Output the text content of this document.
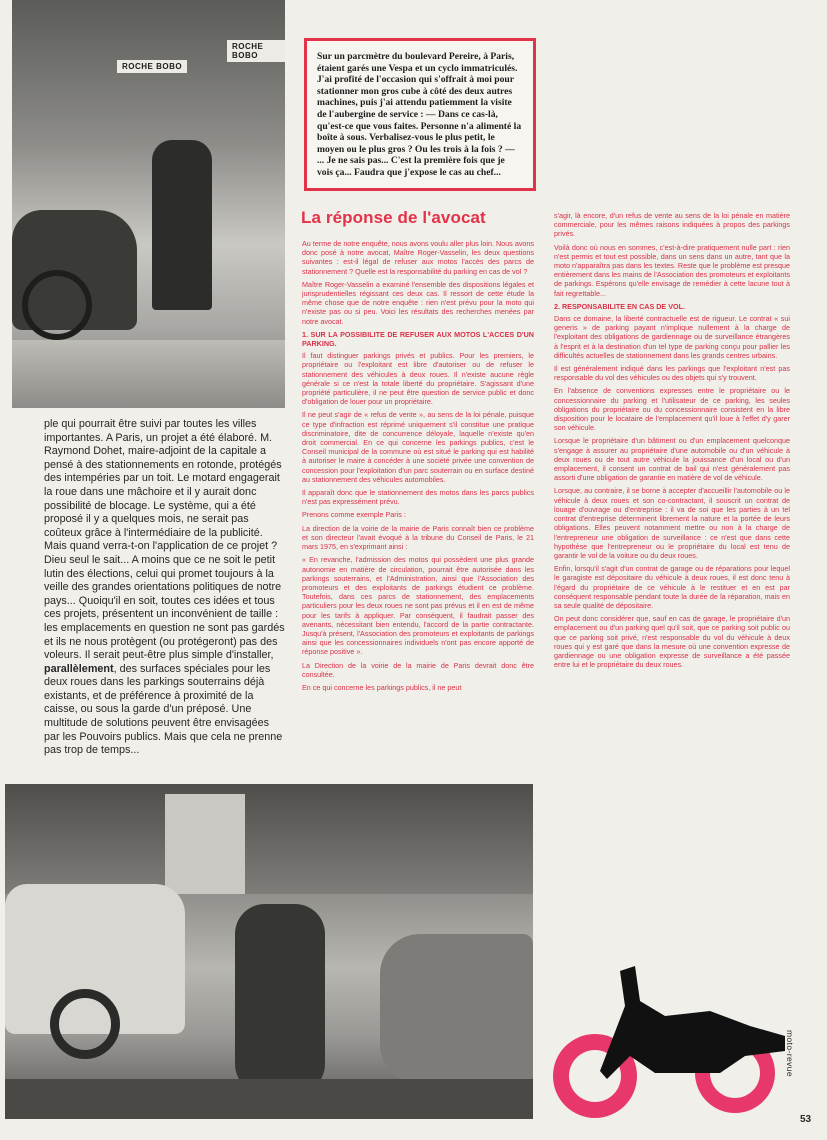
ROCHE BOBO
ROCHE BOBO	Sur un parcmètre du boulevard Pereire, à Paris, étaient garés une Vespa et un cyclo immatriculés. J'ai profité de l'occasion qui s'offrait à moi pour stationner mon gros cube à côté des deux autres machines, puis j'ai attendu patiemment la visite de l'aubergine de service : — Dans ce cas-là, qu'est-ce que vous faites. Personne n'a alimenté la boîte à sous. Verbalisez-vous le plus petit, le moyen ou le plus gros ? Ou les trois à la fois ? — ... Je ne sais pas... C'est la première fois que je vois ça... Faudra que j'expose le cas au chef...

La réponse de l'avocat

Au terme de notre enquête, nous avons voulu aller plus loin. Nous avons donc posé à notre avocat, Maître Roger-Vasselin, les deux questions suivantes : est-il légal de refuser aux motos l'accès des parcs de stationnement ? Quelle est la responsabilité du parking en cas de vol ?

Maître Roger-Vasselin a examiné l'ensemble des dispositions légales et jurisprudentielles régissant ces deux cas. Il ressort de cette étude la même chose que de notre enquête : rien n'est prévu pour la moto qui n'existe pas ou si peu. Voici les résultats des recherches menées par notre avocat.

1. SUR LA POSSIBILITE DE REFUSER AUX MOTOS L'ACCES D'UN PARKING.

Il faut distinguer parkings privés et publics. Pour les premiers, le propriétaire ou l'exploitant est libre d'autoriser ou de refuser le stationnement des véhicules à deux roues. Il n'existe aucune règle générale si ce n'est la totale liberté du propriétaire. S'agissant d'une propriété particulière, il ne peut être question de service public et donc d'obligation de louer pour un propriétaire.

Il ne peut s'agir de « refus de vente », au sens de la loi pénale, puisque ce type d'infraction est réprimé uniquement s'il constitue une pratique discriminatoire, dite de concurrence déloyale, laquelle n'existe qu'en droit commercial. En ce qui concerne les parkings publics, c'est le Conseil municipal de la commune où est situé le parking qui est habilité à autoriser le maire à concéder à une société privée une convention de concession pour l'exploitation d'un parc souterrain ou en surface destiné au stationnement des véhicules automobiles.

Il apparaît donc que le stationnement des motos dans les parcs publics n'est pas expressément prévu.

Prenons comme exemple Paris :

La direction de la voirie de la mairie de Paris connaît bien ce problème et son directeur l'avait évoqué à la tribune du Conseil de Paris, le 21 mars 1975, en s'exprimant ainsi :

« En revanche, l'admission des motos qui possèdent une plus grande autonomie en matière de circulation, pourrait être autorisée dans les parkings souterrains, et l'Administration, ainsi que l'Association des promoteurs et des exploitants de parkings étudient ce problème. Toutefois, dans ces parcs de stationnement, des emplacements particuliers pour les deux roues ne sont pas prévus et il en est de même pour les tarifs à appliquer. Par conséquent, il faudrait passer des avenants, nécessitant bien entendu, l'accord de la partie contractante. Jusqu'à présent, l'Association des promoteurs et exploitants de parkings ainsi que les concessionnaires individuels n'ont pas encore apporté de réponse positive ».

La Direction de la voirie de la mairie de Paris devrait donc être consultée.

En ce qui concerne les parkings publics, il ne peut

s'agir, là encore, d'un refus de vente au sens de la loi pénale en matière commerciale, pour les mêmes raisons indiquées à propos des parkings privés.

Voilà donc où nous en sommes, c'est-à-dire pratiquement nulle part : rien n'est permis et tout est possible, dans un sens dans un autre, tant que la moto n'apparaîtra pas dans les textes. Reste que le problème est presque entièrement dans les mains de l'Association des promoteurs et exploitants de parkings. Espérons qu'elle envisage de remédier à cette lacune tout à fait regrettable...

2. RESPONSABILITE EN CAS DE VOL.

Dans ce domaine, la liberté contractuelle est de rigueur. Le contrat « sui generis » de parking payant n'implique nullement à la charge de l'exploitant des obligations de gardiennage ou de surveillance étrangères à l'esprit et à la destination d'un tel type de parking conçu pour pallier les difficultés actuelles de stationnement dans les grands centres urbains.

Il est généralement indiqué dans les parkings que l'exploitant n'est pas responsable du vol des véhicules ou des objets qui s'y trouvent.

En l'absence de conventions expresses entre le propriétaire ou le concessionnaire du parking et l'utilisateur de ce parking, les seules obligations du propriétaire ou du concessionnaire consistent en la libre disposition pour le locataire de l'emplacement qu'il loue à l'effet d'y garer son véhicule.

Lorsque le propriétaire d'un bâtiment ou d'un emplacement quelconque s'engage à assurer au propriétaire d'une automobile ou d'un véhicule à deux roues ou de tout autre véhicule la jouissance d'un local ou d'un emplacement, il consent un contrat de bail qui n'est généralement pas assorti d'une obligation de garantie en matière de vol de véhicule.

Lorsque, au contraire, il se borne à accepter d'accueillir l'automobile ou le véhicule à deux roues et son co-contractant, il souscrit un contrat de louage d'ouvrage ou d'entreprise : il va de soi que les parties à un tel contrat d'entreprise déterminent librement la nature et la portée de leurs obligations. Elles peuvent notamment mettre ou non à la charge de l'entrepreneur une obligation de surveillance : ce n'est que dans cette hypothèse que l'entrepreneur ou le propriétaire du local est tenu de garantir le vol de la voiture ou du deux roues.

Enfin, lorsqu'il s'agit d'un contrat de garage ou de réparations pour lequel le garagiste est dépositaire du véhicule à deux roues, il est donc tenu à l'égard du propriétaire de ce véhicule à le restituer et en est par conséquent responsable pendant toute la durée de la réparation, mais en sa seule qualité de dépositaire.

On peut donc considérer que, sauf en cas de garage, le propriétaire d'un emplacement ou d'un parking quel qu'il soit, que ce parking soit public ou que ce parking soit privé, n'est responsable du vol du véhicule à deux roues qui y est garé que dans la mesure où une convention expresse de gardiennage ou une obligation expresse de surveillance a été passée entre lui et le propriétaire du deux roues.

ple qui pourrait être suivi par toutes les villes importantes. A Paris, un projet a été élaboré. M. Raymond Dohet, maire-adjoint de la capitale a pensé à des stationnements en rotonde, protégés des intempéries par un toit. Le motard engagerait la roue dans une mâchoire et il y aurait donc possibilité de blocage. Le système, qui a été proposé il y a quelques mois, ne serait pas coûteux grâce à l'intermédiaire de la publicité. Mais quand verra-t-on l'application de ce projet ? Dieu seul le sait... A moins que ce ne soit le petit lutin des élections, celui qui promet toujours à la veille des grandes orientations politiques de notre pays... Quoiqu'il en soit, toutes ces idées et tous ces projets, présentent un inconvénient de taille : les emplacements en question ne sont pas gardés et ils ne nous protègent (ou protégeront) pas des voleurs. Il serait peut-être plus simple d'installer, parallèlement, des surfaces spéciales pour les deux roues dans les parkings souterrains déjà existants, et de préférence à proximité de la caisse, ou sous la garde d'un préposé. Une multitude de solutions peuvent être envisagées par les Pouvoirs publics. Mais que cela ne prenne pas trop de temps...

moto-revue
53
